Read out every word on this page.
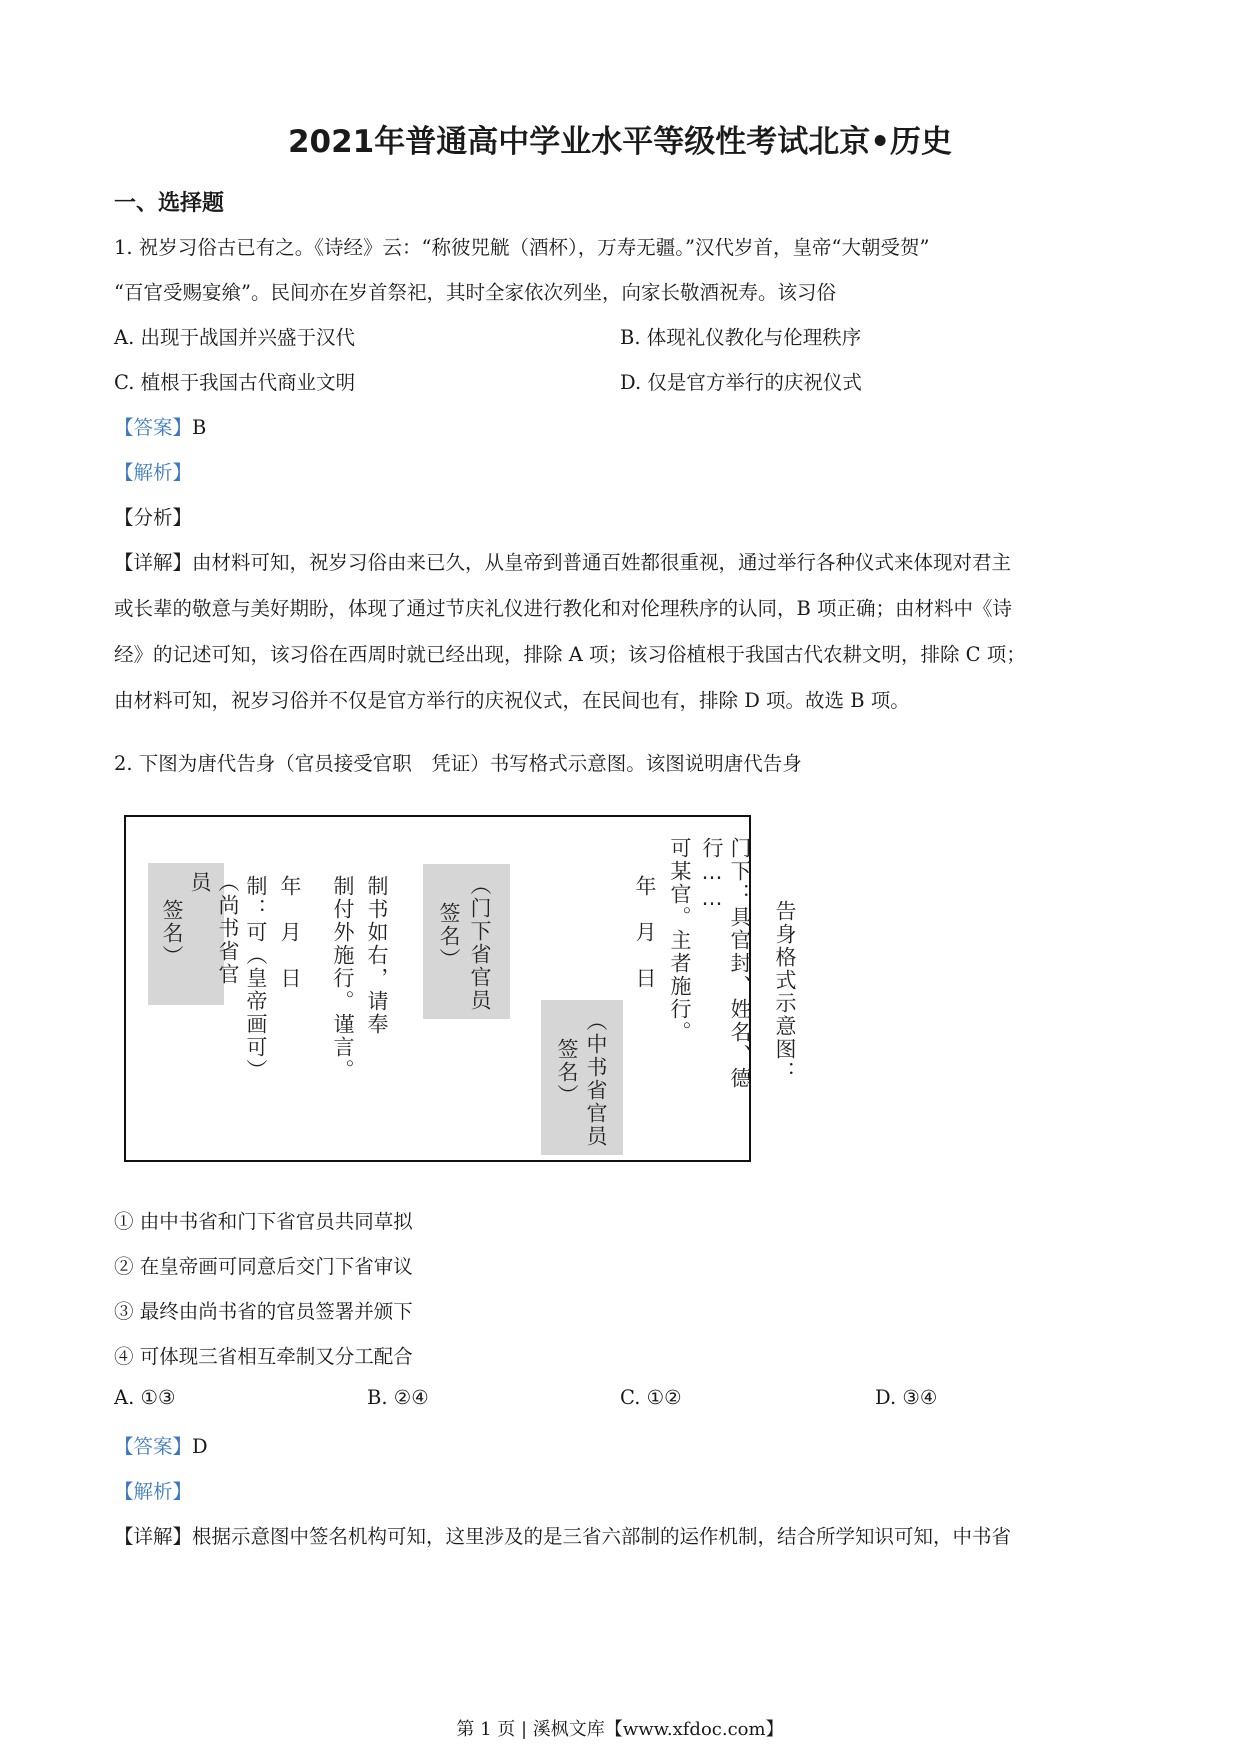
2021年普通高中学业水平等级性考试北京•历史
一、选择题
1. 祝岁习俗古已有之。《诗经》云：“称彼兕觥（酒杯），万寿无疆。”汉代岁首，皇帝“大朝受贺”
“百官受赐宴飨”。民间亦在岁首祭祀，其时全家依次列坐，向家长敬酒祝寿。该习俗
A. 出现于战国并兴盛于汉代	B. 体现礼仪教化与伦理秩序
C. 植根于我国古代商业文明	D. 仅是官方举行的庆祝仪式
【答案】B
【解析】
【分析】
【详解】由材料可知，祝岁习俗由来已久，从皇帝到普通百姓都很重视，通过举行各种仪式来体现对君主
或长辈的敬意与美好期盼，体现了通过节庆礼仪进行教化和对伦理秩序的认同，B 项正确；由材料中《诗
经》的记述可知，该习俗在西周时就已经出现，排除 A 项；该习俗植根于我国古代农耕文明，排除 C 项；
由材料可知，祝岁习俗并不仅是官方举行的庆祝仪式，在民间也有，排除 D 项。故选 B 项。
2. 下图为唐代告身（官员接受官职　凭证）书写格式示意图。该图说明唐代告身
门下：具官封、姓名、德行……
可某官。主者施行。
年　月　日
（中书省官员
签名）
（门下省官员
签名）
制书如右，请奉
制付外施行。谨言。
年　月　日
制：可（皇帝画可）
（尚书省官员
签名）	告身格式示意图：
① 由中书省和门下省官员共同草拟
② 在皇帝画可同意后交门下省审议
③ 最终由尚书省的官员签署并颁下
④ 可体现三省相互牵制又分工配合
A. ①③	B. ②④	C. ①②	D. ③④
【答案】D
【解析】
【详解】根据示意图中签名机构可知，这里涉及的是三省六部制的运作机制，结合所学知识可知，中书省
第 1 页 | 溪枫文库【www.xfdoc.com】
